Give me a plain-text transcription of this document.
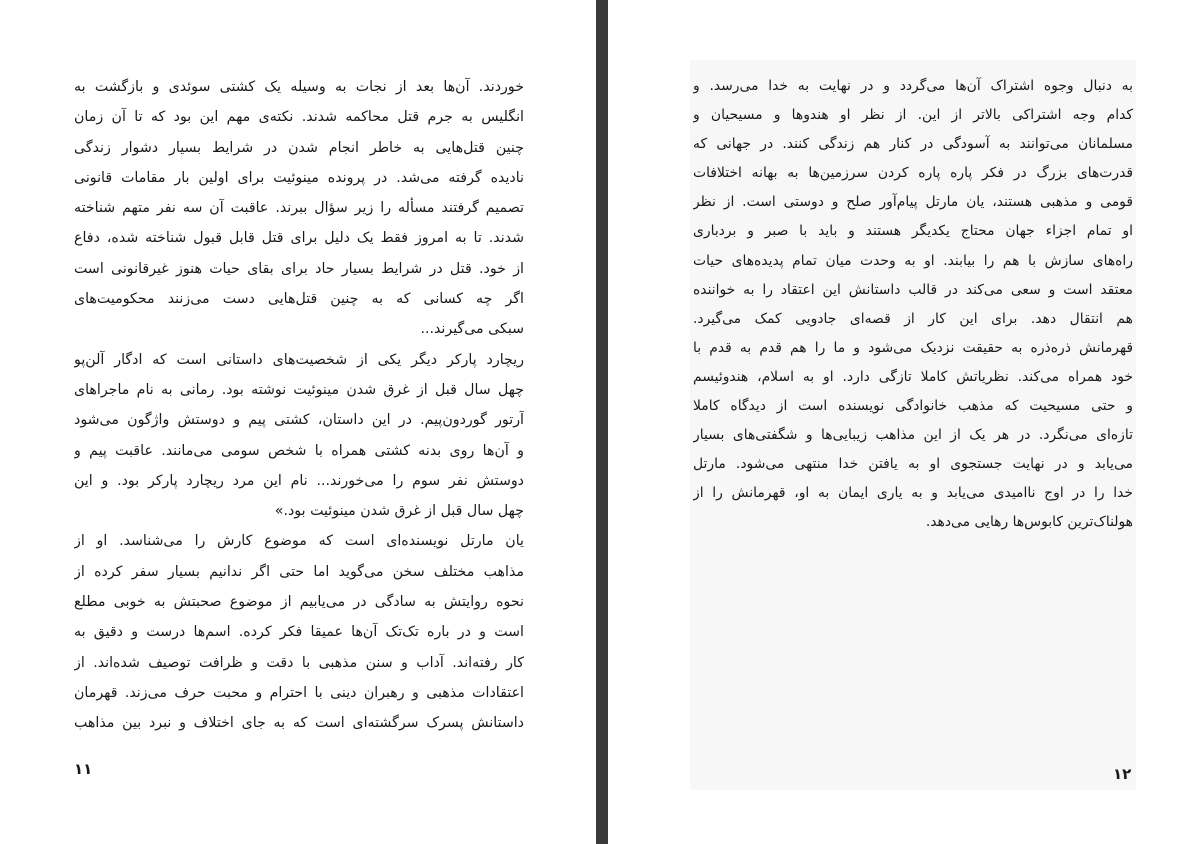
خوردند. آن‌ها بعد از نجات به وسیله یک کشتی سوئدی و بازگشت به
انگلیس به جرم قتل محاکمه شدند. نکته‌ی مهم این بود که تا آن زمان
چنین قتل‌هایی به خاطر انجام شدن در شرایط بسیار دشوار زندگی
نادیده گرفته می‌شد. در پرونده مینوئیت برای اولین بار مقامات قانونی
تصمیم گرفتند مسأله را زیر سؤال ببرند. عاقبت آن سه نفر متهم شناخته
شدند. تا به امروز فقط یک دلیل برای قتل قابل قبول شناخته شده، دفاع
از خود. قتل در شرایط بسیار حاد برای بقای حیات هنوز غیرقانونی است
اگر چه کسانی که به چنین قتل‌هایی دست می‌زنند محکومیت‌های
سبکی می‌گیرند...
ریچارد پارکر دیگر یکی از شخصیت‌های داستانی است که ادگار آلن‌پو
چهل سال قبل از غرق شدن مینوئیت نوشته بود. رمانی به نام ماجراهای
آرتور گوردون‌پیم. در این داستان، کشتی پیم و دوستش واژگون می‌شود
و آن‌ها روی بدنه کشتی همراه با شخص سومی می‌مانند. عاقبت پیم و
دوستش نفر سوم را می‌خورند... نام این مرد ریچارد پارکر بود. و این
چهل سال قبل از غرق شدن مینوئیت بود.»
یان مارتل نویسنده‌ای است که موضوع کارش را می‌شناسد. او از
مذاهب مختلف سخن می‌گوید اما حتی اگر ندانیم بسیار سفر کرده از
نحوه روایتش به سادگی در می‌یابیم از موضوع صحبتش به خوبی مطلع
است و در باره تک‌تک آن‌ها عمیقا فکر کرده. اسم‌ها درست و دقیق به
کار رفته‌اند. آداب و سنن مذهبی با دقت و ظرافت توصیف شده‌اند. از
اعتقادات مذهبی و رهبران دینی با احترام و محبت حرف می‌زند. قهرمان
داستانش پسرک سرگشته‌ای است که به جای اختلاف و نبرد بین مذاهب
۱۱
به دنبال وجوه اشتراک آن‌ها می‌گردد و در نهایت به خدا می‌رسد. و
کدام وجه اشتراکی بالاتر از این. از نظر او هندوها و مسیحیان و
مسلمانان می‌توانند به آسودگی در کنار هم زندگی کنند. در جهانی که
قدرت‌های بزرگ در فکر پاره پاره کردن سرزمین‌ها به بهانه اختلافات
قومی و مذهبی هستند، یان مارتل پیام‌آور صلح و دوستی است. از نظر
او تمام اجزاء جهان محتاج یکدیگر هستند و باید با صبر و بردباری
راه‌های سازش با هم را بیابند. او به وحدت میان تمام پدیده‌های حیات
معتقد است و سعی می‌کند در قالب داستانش این اعتقاد را به خواننده
هم انتقال دهد. برای این کار از قصه‌ای جادویی کمک می‌گیرد.
قهرمانش ذره‌ذره به حقیقت نزدیک می‌شود و ما را هم قدم به قدم با
خود همراه می‌کند. نظریاتش کاملا تازگی دارد. او به اسلام، هندوئیسم
و حتی مسیحیت که مذهب خانوادگی نویسنده است از دیدگاه کاملا
تازه‌ای می‌نگرد. در هر یک از این مذاهب زیبایی‌ها و شگفتی‌های بسیار
می‌یابد و در نهایت جستجوی او به یافتن خدا منتهی می‌شود. مارتل
خدا را در اوج ناامیدی می‌یابد و به یاری ایمان به او، قهرمانش را از
هولناک‌ترین کابوس‌ها رهایی می‌دهد.
۱۲
